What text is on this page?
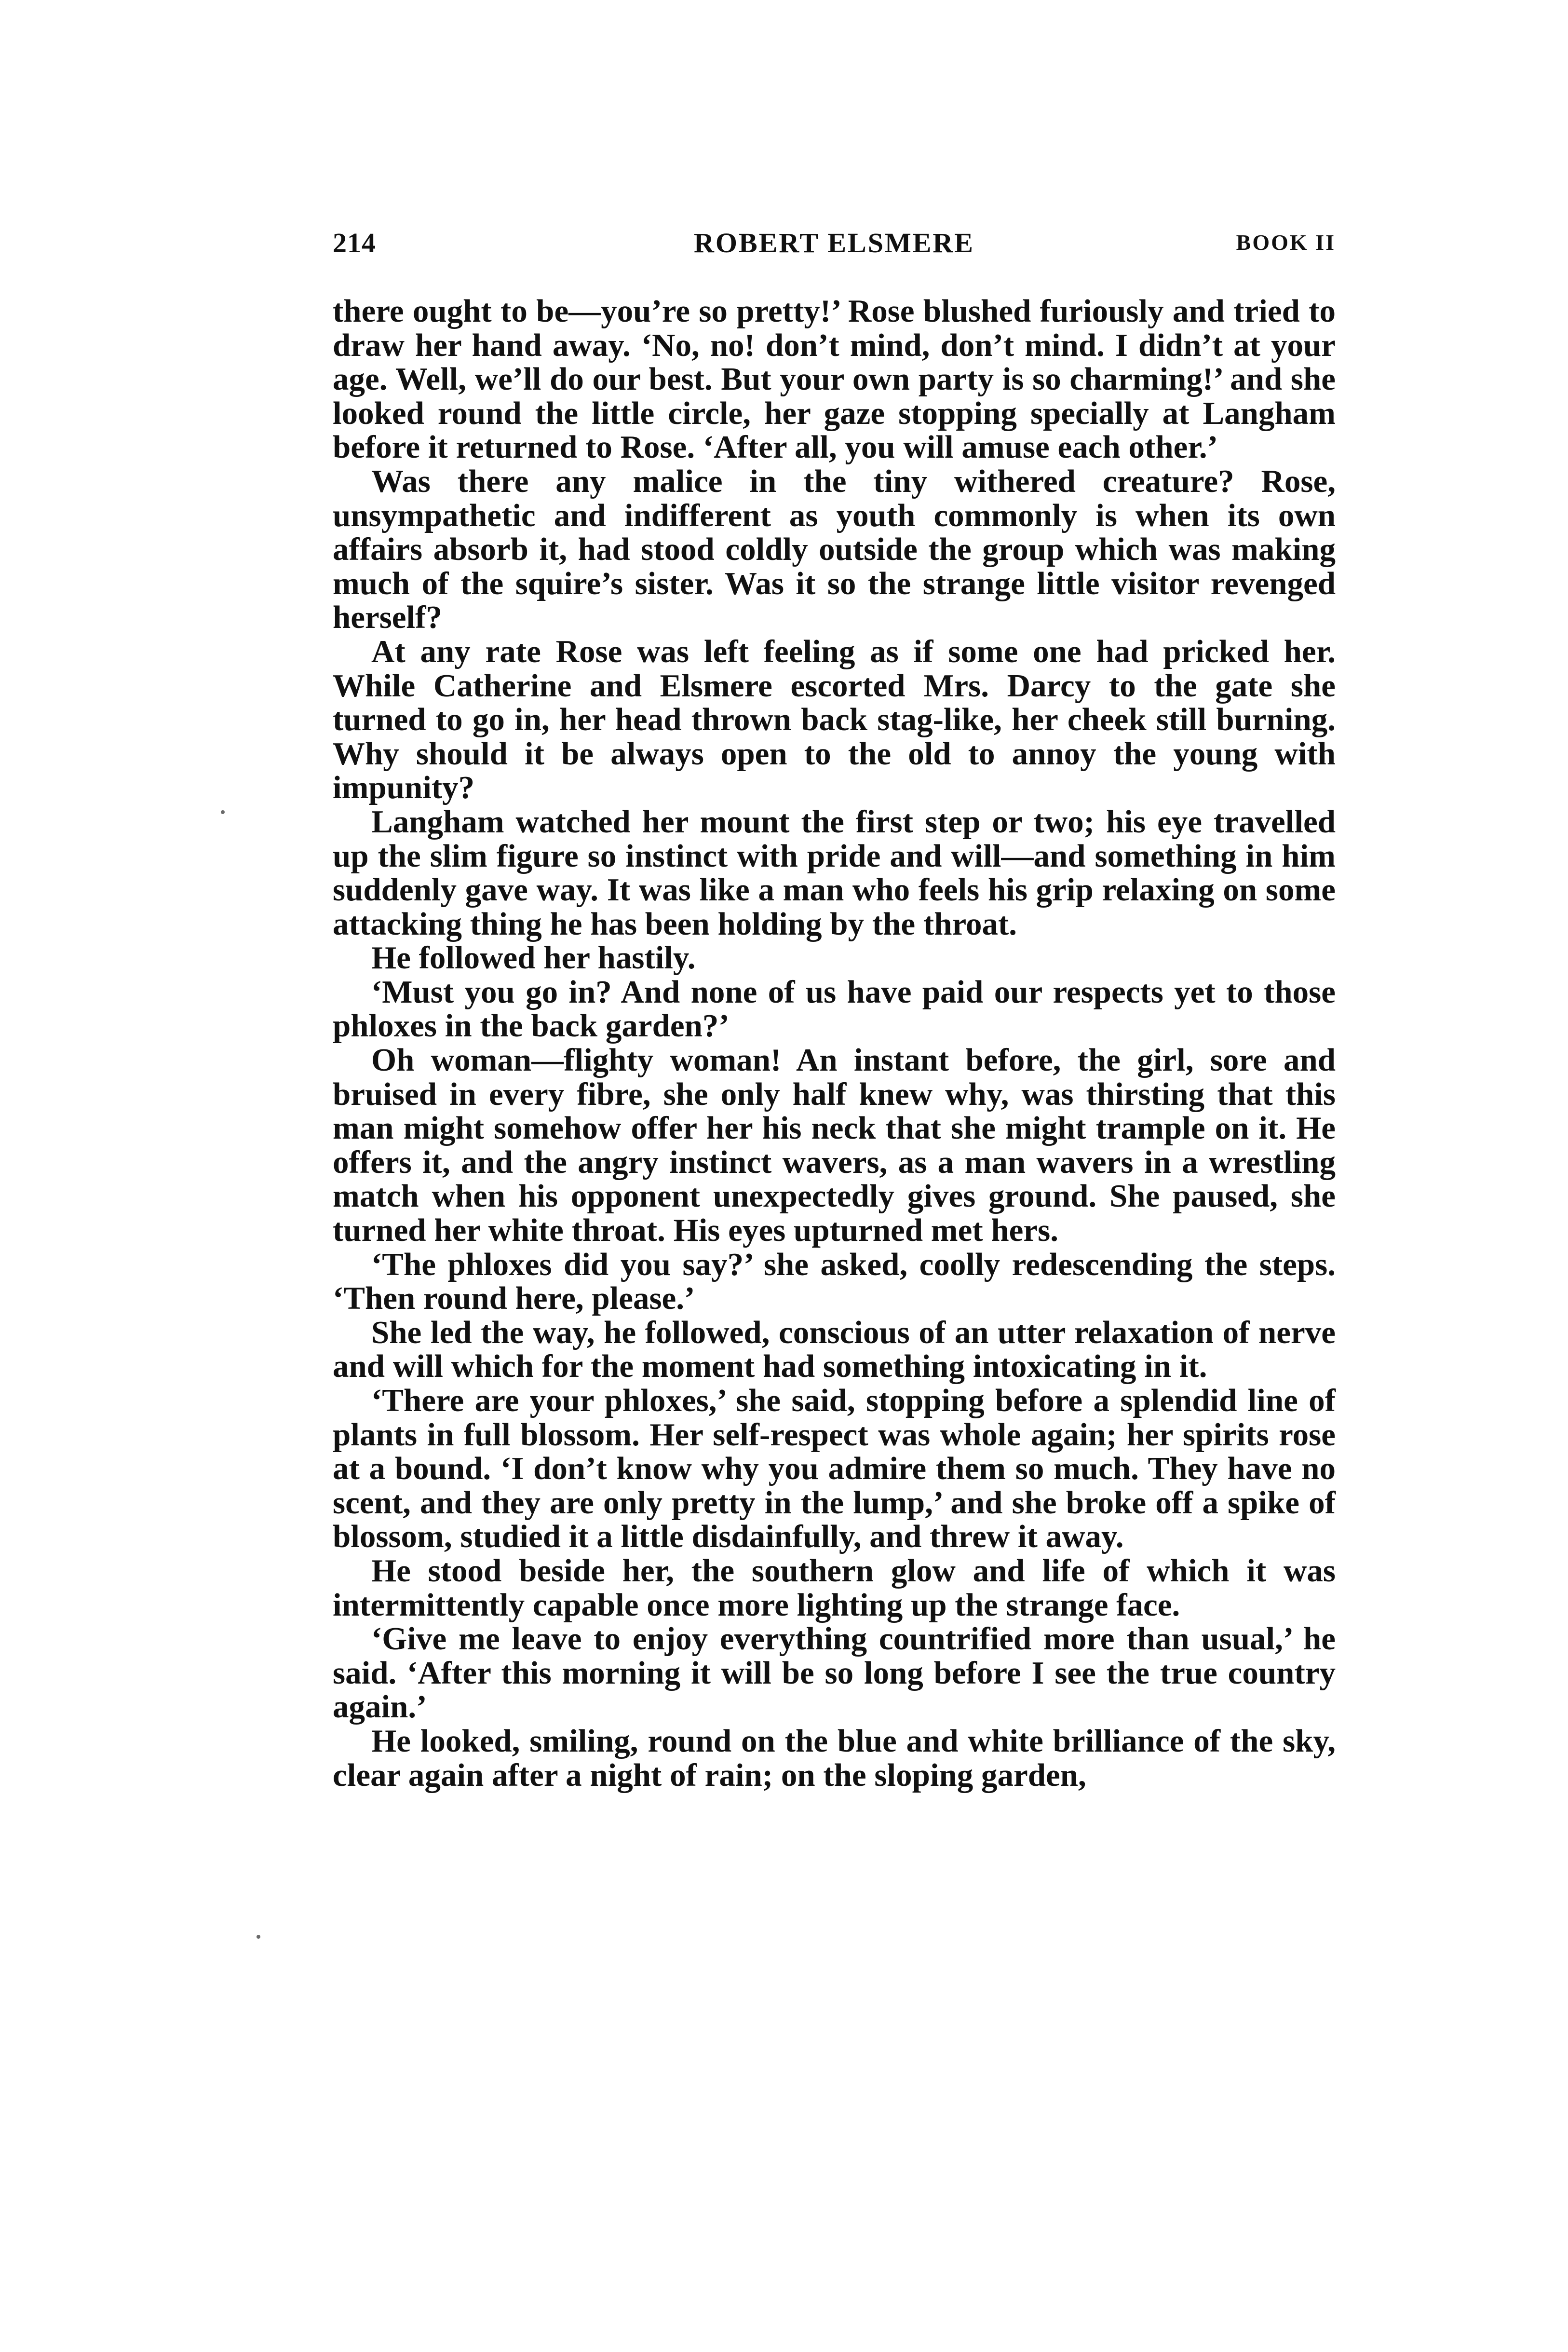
214	ROBERT ELSMERE	BOOK II

there ought to be—you’re so pretty!’ Rose blushed furiously and tried to draw her hand away. ‘No, no! don’t mind, don’t mind. I didn’t at your age. Well, we’ll do our best. But your own party is so charming!’ and she looked round the little circle, her gaze stopping specially at Langham before it returned to Rose. ‘After all, you will amuse each other.’

Was there any malice in the tiny withered creature? Rose, unsympathetic and indifferent as youth commonly is when its own affairs absorb it, had stood coldly outside the group which was making much of the squire’s sister. Was it so the strange little visitor revenged herself?

At any rate Rose was left feeling as if some one had pricked her. While Catherine and Elsmere escorted Mrs. Darcy to the gate she turned to go in, her head thrown back stag-like, her cheek still burning. Why should it be always open to the old to annoy the young with impunity?

Langham watched her mount the first step or two; his eye travelled up the slim figure so instinct with pride and will—and something in him suddenly gave way. It was like a man who feels his grip relaxing on some attacking thing he has been holding by the throat.

He followed her hastily.

‘Must you go in? And none of us have paid our respects yet to those phloxes in the back garden?’

Oh woman—flighty woman! An instant before, the girl, sore and bruised in every fibre, she only half knew why, was thirsting that this man might somehow offer her his neck that she might trample on it. He offers it, and the angry instinct wavers, as a man wavers in a wrestling match when his opponent unexpectedly gives ground. She paused, she turned her white throat. His eyes upturned met hers.

‘The phloxes did you say?’ she asked, coolly redescending the steps. ‘Then round here, please.’

She led the way, he followed, conscious of an utter relaxation of nerve and will which for the moment had something intoxicating in it.

‘There are your phloxes,’ she said, stopping before a splendid line of plants in full blossom. Her self-respect was whole again; her spirits rose at a bound. ‘I don’t know why you admire them so much. They have no scent, and they are only pretty in the lump,’ and she broke off a spike of blossom, studied it a little disdainfully, and threw it away.

He stood beside her, the southern glow and life of which it was intermittently capable once more lighting up the strange face.

‘Give me leave to enjoy everything countrified more than usual,’ he said. ‘After this morning it will be so long before I see the true country again.’

He looked, smiling, round on the blue and white brilliance of the sky, clear again after a night of rain; on the sloping garden,
